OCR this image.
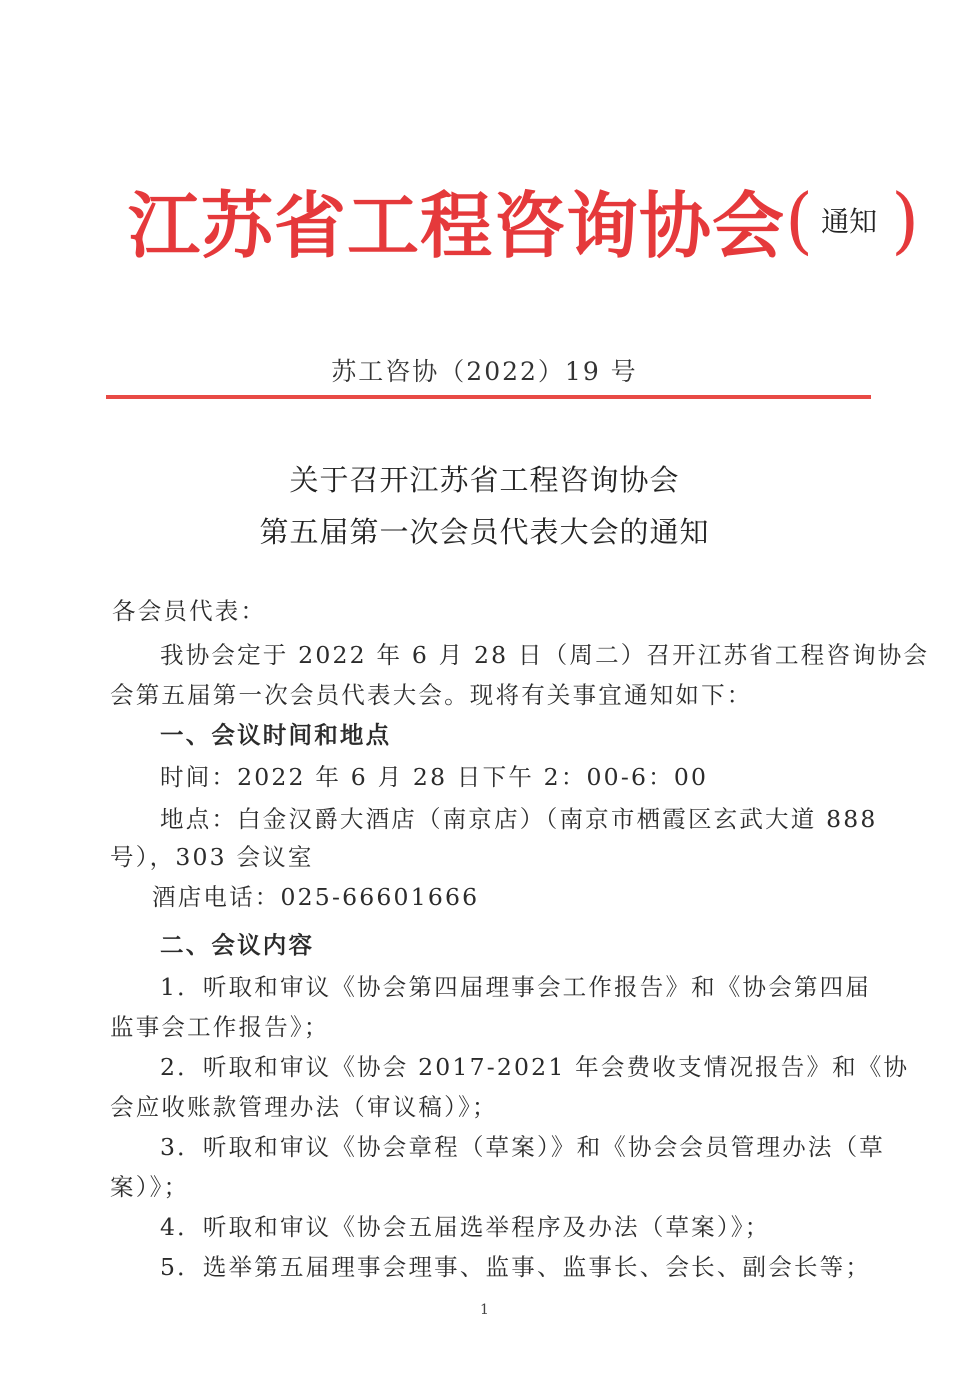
江苏省工程咨询协会( 通知 )
苏工咨协（2022）19 号
关于召开江苏省工程咨询协会
第五届第一次会员代表大会的通知
各会员代表：
我协会定于 2022 年 6 月 28 日（周二）召开江苏省工程咨询协会
会第五届第一次会员代表大会。现将有关事宜通知如下：
一、会议时间和地点
时间：2022 年 6 月 28 日下午 2：00-6：00
地点：白金汉爵大酒店（南京店）（南京市栖霞区玄武大道 888
号），303 会议室
酒店电话：025-66601666
二、会议内容
1．听取和审议《协会第四届理事会工作报告》和《协会第四届
监事会工作报告》；
2．听取和审议《协会 2017-2021 年会费收支情况报告》和《协
会应收账款管理办法（审议稿）》；
3．听取和审议《协会章程（草案）》和《协会会员管理办法（草
案）》；
4．听取和审议《协会五届选举程序及办法（草案）》；
5．选举第五届理事会理事、监事、监事长、会长、副会长等；
1
